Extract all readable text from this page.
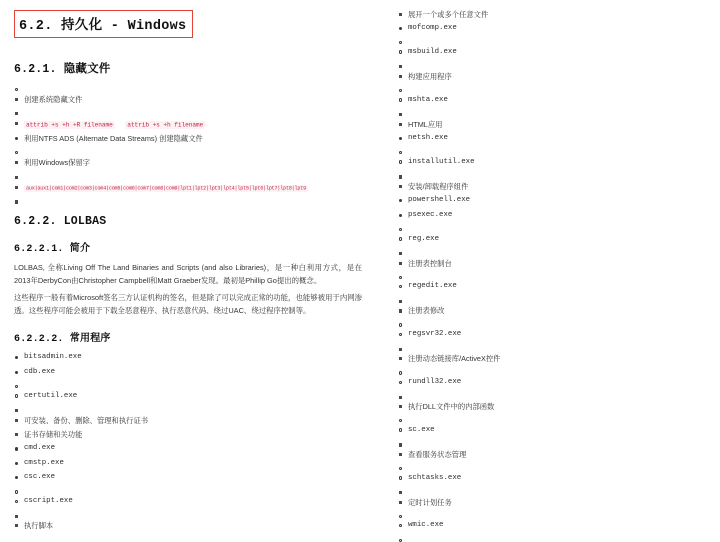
6.2. 持久化 - Windows
6.2.1. 隐藏文件
创建系统隐藏文件
attrib +s +h +R filename attrib +s +h filename
利用NTFS ADS (Alternate Data Streams) 创建隐藏文件
利用Windows保留字
aux|aux1|com1|com2|com3|com4|com5|com6|com7|com8|com9|lpt1|lpt2|lpt3|lpt4|lpt5|lpt6|lpt7|lpt8|lpt9
6.2.2. LOLBAS
6.2.2.1. 简介

LOLBAS, 全称Living Off The Land Binaries and Scripts (and also Libraries)，是一种白利用方式，是在2013年DerbyCon由Christopher Campbell和Matt Graeber发现。最初是Phillip Go提出的概念。

这些程序一般有着Microsoft签名三方认证机构的签名，但是除了可以完成正常的功能，也能够被用于内网渗透。这些程序可能会被用于下载全恶意程序、执行恶意代码、绕过UAC、绕过程序控制等。

6.2.2.2. 常用程序
bitsadmin.exe
cdb.exe
certutil.exe
可安装、备份、删除、管理和执行证书
证书存储和关功能
cmd.exe
cmstp.exe
csc.exe
cscript.exe
执行脚本
展开一个或多个任意文件
mofcomp.exe
msbuild.exe
构建应用程序
mshta.exe
HTML应用
netsh.exe
installutil.exe
安装/卸载程序组件
powershell.exe
psexec.exe
reg.exe
注册表控制台
regedit.exe
注册表修改
regsvr32.exe
注册动态链接库/ActiveX控件
rundll32.exe
执行DLL文件中的内部函数
sc.exe
查看服务状态管理
schtasks.exe
定时计划任务
wmic.exe
